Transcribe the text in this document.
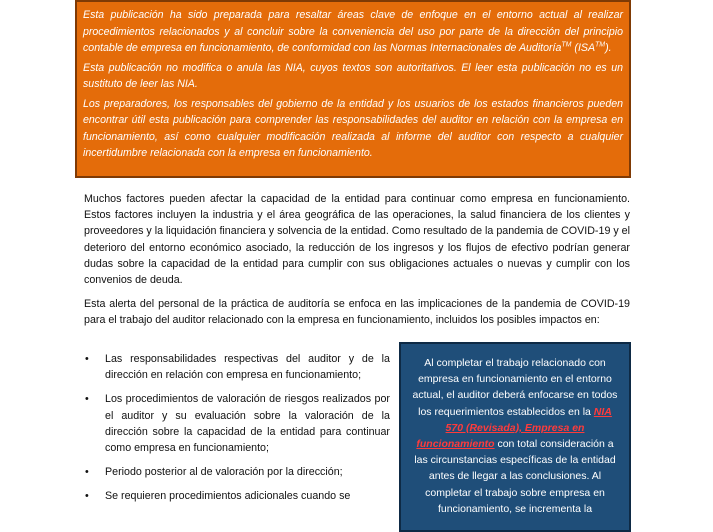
Esta publicación ha sido preparada para resaltar áreas clave de enfoque en el entorno actual al realizar procedimientos relacionados y al concluir sobre la conveniencia del uso por parte de la dirección del principio contable de empresa en funcionamiento, de conformidad con las Normas Internacionales de Auditoría™ (ISA™).

Esta publicación no modifica o anula las NIA, cuyos textos son autoritativos. El leer esta publicación no es un sustituto de leer las NIA.

Los preparadores, los responsables del gobierno de la entidad y los usuarios de los estados financieros pueden encontrar útil esta publicación para comprender las responsabilidades del auditor en relación con la empresa en funcionamiento, así como cualquier modificación realizada al informe del auditor con respecto a cualquier incertidumbre relacionada con la empresa en funcionamiento.

Muchos factores pueden afectar la capacidad de la entidad para continuar como empresa en funcionamiento. Estos factores incluyen la industria y el área geográfica de las operaciones, la salud financiera de los clientes y proveedores y la liquidación financiera y solvencia de la entidad. Como resultado de la pandemia de COVID-19 y el deterioro del entorno económico asociado, la reducción de los ingresos y los flujos de efectivo podrían generar dudas sobre la capacidad de la entidad para cumplir con sus obligaciones actuales o nuevas y cumplir con los convenios de deuda.

Esta alerta del personal de la práctica de auditoría se enfoca en las implicaciones de la pandemia de COVID-19 para el trabajo del auditor relacionado con la empresa en funcionamiento, incluidos los posibles impactos en:

• Las responsabilidades respectivas del auditor y de la dirección en relación con empresa en funcionamiento;
• Los procedimientos de valoración de riesgos realizados por el auditor y su evaluación sobre la valoración de la dirección sobre la capacidad de la entidad para continuar como empresa en funcionamiento;
• Periodo posterior al de valoración por la dirección;
• Se requieren procedimientos adicionales cuando se
Al completar el trabajo relacionado con empresa en funcionamiento en el entorno actual, el auditor deberá enfocarse en todos los requerimientos establecidos en la NIA 570 (Revisada), Empresa en funcionamiento con total consideración a las circunstancias específicas de la entidad antes de llegar a las conclusiones. Al completar el trabajo sobre empresa en funcionamiento, se incrementa la
